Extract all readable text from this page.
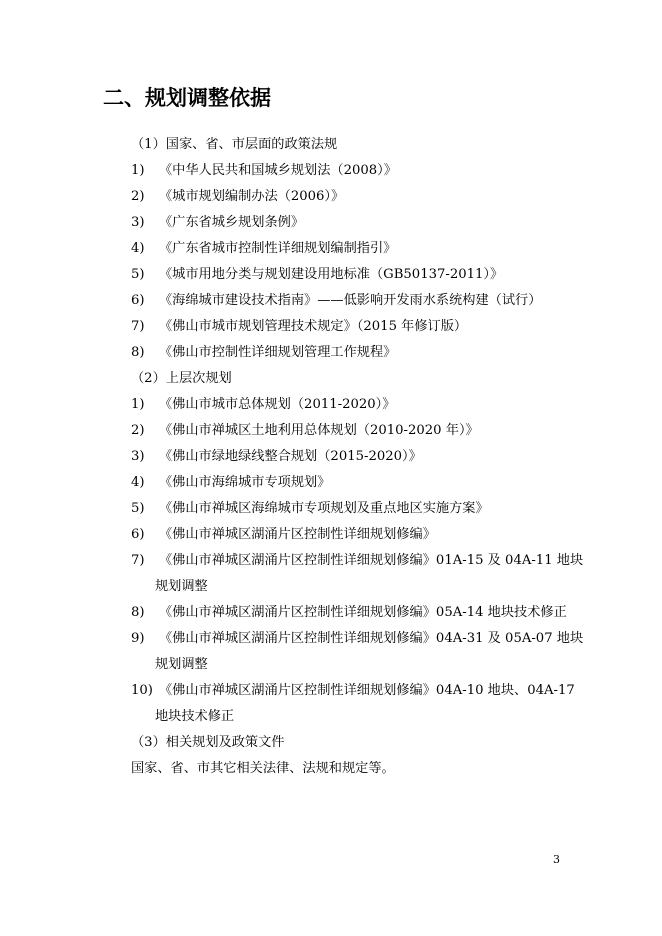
二、规划调整依据
（1）国家、省、市层面的政策法规
1) 《中华人民共和国城乡规划法（2008）》
2) 《城市规划编制办法（2006）》
3) 《广东省城乡规划条例》
4) 《广东省城市控制性详细规划编制指引》
5) 《城市用地分类与规划建设用地标准（GB50137-2011）》
6) 《海绵城市建设技术指南》——低影响开发雨水系统构建（试行）
7) 《佛山市城市规划管理技术规定》（2015 年修订版）
8) 《佛山市控制性详细规划管理工作规程》
（2）上层次规划
1) 《佛山市城市总体规划（2011-2020）》
2) 《佛山市禅城区土地利用总体规划（2010-2020 年）》
3) 《佛山市绿地绿线整合规划（2015-2020）》
4) 《佛山市海绵城市专项规划》
5) 《佛山市禅城区海绵城市专项规划及重点地区实施方案》
6) 《佛山市禅城区湖涌片区控制性详细规划修编》
7) 《佛山市禅城区湖涌片区控制性详细规划修编》01A-15 及 04A-11 地块
规划调整
8) 《佛山市禅城区湖涌片区控制性详细规划修编》05A-14 地块技术修正
9) 《佛山市禅城区湖涌片区控制性详细规划修编》04A-31 及 05A-07 地块
规划调整
10) 《佛山市禅城区湖涌片区控制性详细规划修编》04A-10 地块、04A-17
地块技术修正
（3）相关规划及政策文件
国家、省、市其它相关法律、法规和规定等。
3
